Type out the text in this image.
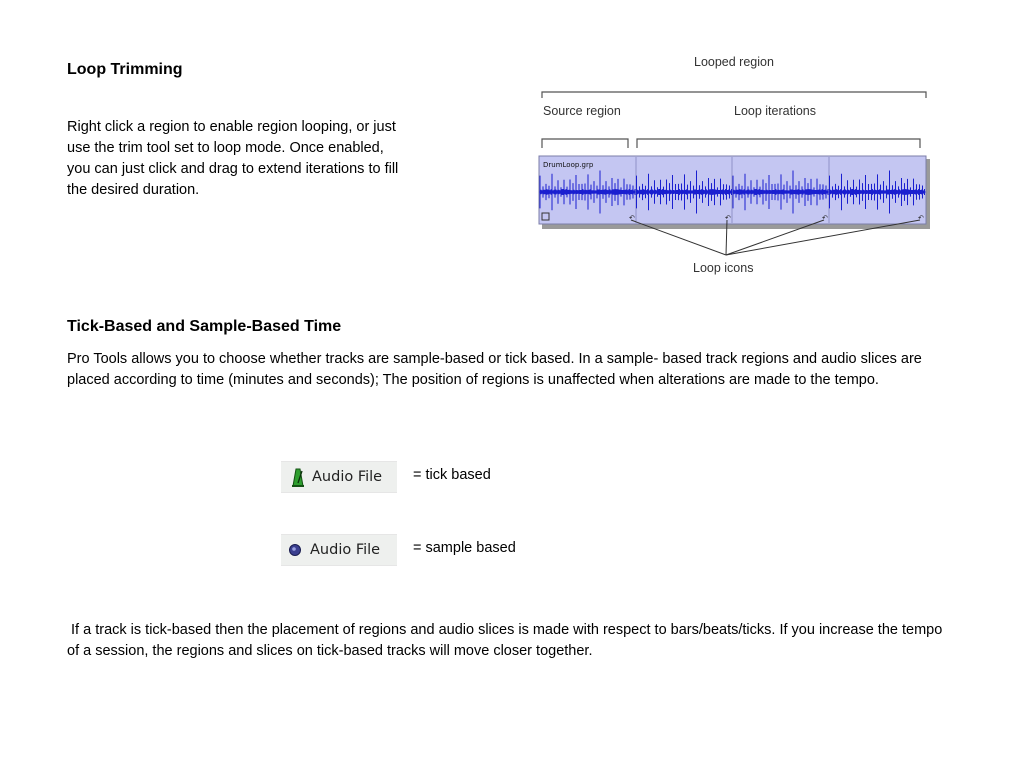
Loop Trimming
Right click a region to enable region looping, or just use the trim tool set to loop mode. Once enabled, you can just click and drag to extend iterations to fill the desired duration.
DrumLoop.grp
↶	↶	↶	↶
Looped region
Source region	Loop iterations
Loop icons
Tick-Based and Sample-Based Time
Pro Tools allows you to choose whether tracks are sample-based or tick based. In a sample- based track regions and audio slices are placed according to time (minutes and seconds); The position of regions is unaffected when alterations are made to the tempo.
Audio File = tick based
Audio File = sample based
If a track is tick-based then the placement of regions and audio slices is made with respect to bars/beats/ticks. If you increase the tempo of a session, the regions and slices on tick-based tracks will move closer together.
